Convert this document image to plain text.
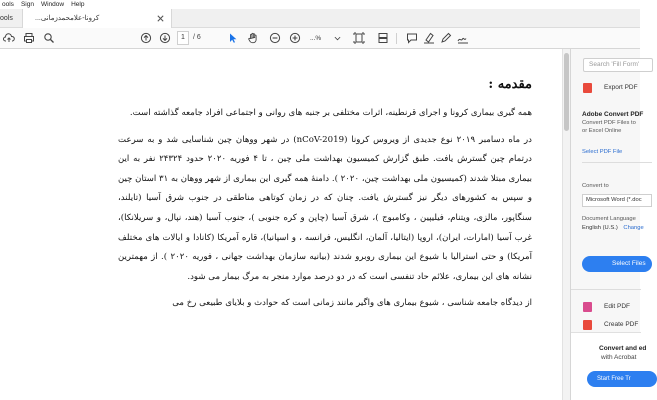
ools Sign Window Help
ools	کرونا-علامحمدزمانی...
1	/ 6	...%
مقدمه :

همه گیری بیماری کرونا و اجرای قرنطینه، اثرات مختلفی بر جنبه های روانی و اجتماعی افراد جامعه گذاشته است.

در ماه دسامبر ۲۰۱۹ نوع جدیدی از ویروس کرونا (nCoV-2019) در شهر ووهان چین شناسایی شد و به سرعت درتمام چین گسترش یافت. طبق گزارش کمیسیون بهداشت ملی چین ، تا ۴ فوریه ۲۰۲۰ حدود ۲۴۳۲۴ نفر به این بیماری مبتلا شدند (کمیسیون ملی بهداشت چین، ۲۰۲۰ ). دامنهٔ همه گیری این بیماری از شهر ووهان به ۳۱ استان چین و سپس به کشورهای دیگر نیز گسترش یافت. چنان که در زمان کوتاهی مناطقی در جنوب شرق آسیا (تایلند، سنگاپور، مالزی، ویتنام، فیلیپین ، وکامبوج )، شرق آسیا (چاپن و کره جنوبی )، جنوب آسیا (هند، نپال، و سریلانکا)، غرب آسیا (امارات، ایران)، اروپا (ایتالیا، آلمان، انگلیس، فرانسه ، و اسپانیا)، قاره آمریکا (کانادا و ایالات های مختلف آمریکا) و حتی استرالیا با شیوع این بیماری روبرو شدند (بیانیه سازمان بهداشت جهانی ، فوریه ۲۰۲۰ ). از مهمترین نشانه های این بیماری، علائم حاد تنفسی است که در دو درصد موارد منجر به مرگ بیمار می شود.

از دیدگاه جامعه شناسی ، شیوع بیماری های واگیر مانند زمانی است که حوادث و بلایای طبیعی رخ می

Search 'Fill Form'
Export PDF
Adobe Convert PDF
Convert PDF Files to
or Excel Online
Select PDF File
Convert to
Microsoft Word (*.doc
Document Language
English (U.S.) Change
Select Files
Edit PDF
Create PDF
Convert and ed
with Acrobat
Start Free Tr
